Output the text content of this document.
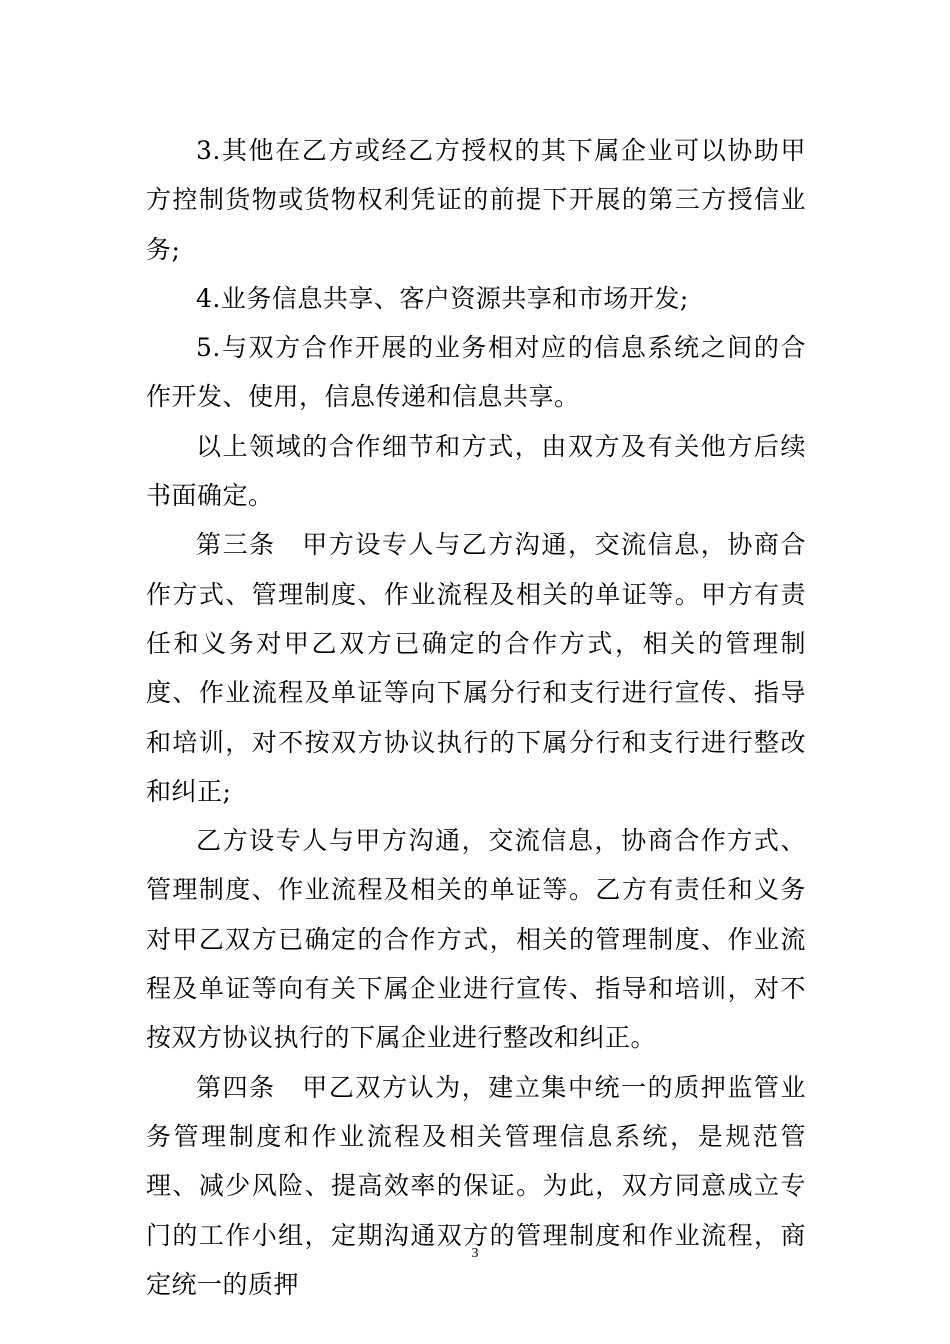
3.其他在乙方或经乙方授权的其下属企业可以协助甲方控制货物或货物权利凭证的前提下开展的第三方授信业务;

4.业务信息共享、客户资源共享和市场开发;

5.与双方合作开展的业务相对应的信息系统之间的合作开发、使用，信息传递和信息共享。

以上领域的合作细节和方式，由双方及有关他方后续书面确定。

第三条　甲方设专人与乙方沟通，交流信息，协商合作方式、管理制度、作业流程及相关的单证等。甲方有责任和义务对甲乙双方已确定的合作方式，相关的管理制度、作业流程及单证等向下属分行和支行进行宣传、指导和培训，对不按双方协议执行的下属分行和支行进行整改和纠正;

乙方设专人与甲方沟通，交流信息，协商合作方式、管理制度、作业流程及相关的单证等。乙方有责任和义务对甲乙双方已确定的合作方式，相关的管理制度、作业流程及单证等向有关下属企业进行宣传、指导和培训，对不按双方协议执行的下属企业进行整改和纠正。

第四条　甲乙双方认为，建立集中统一的质押监管业务管理制度和作业流程及相关管理信息系统，是规范管理、减少风险、提高效率的保证。为此，双方同意成立专门的工作小组，定期沟通双方的管理制度和作业流程，商定统一的质押

3
